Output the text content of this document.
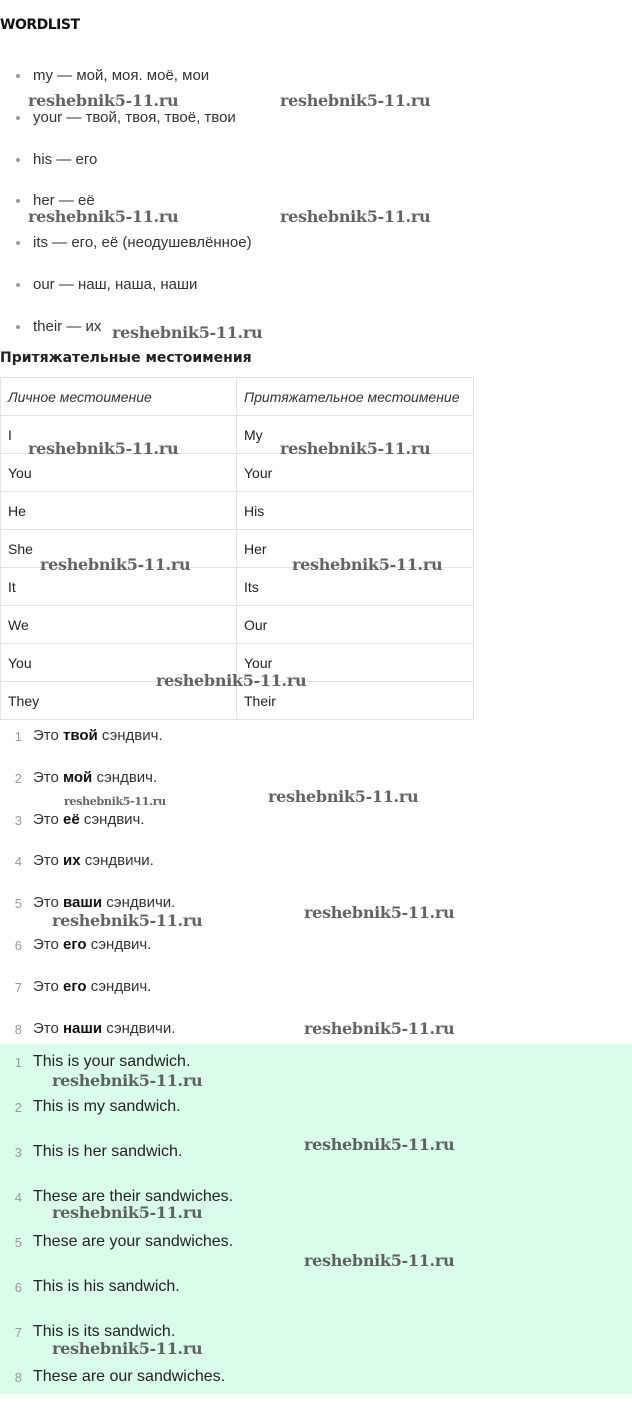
WORDLIST
my — мой, моя. моё, мои
your — твой, твоя, твоё, твои
his — его
her — её
its — его, её (неодушевлённое)
our — наш, наша, наши
their — их
Притяжательные местоимения
Личное местоимение	Притяжательное местоимение
I	My
You	Your
He	His
She	Her
It	Its
We	Our
You	Your
They	Their
1 Это твой сэндвич.
2 Это мой сэндвич.
3 Это её сэндвич.
4 Это их сэндвичи.
5 Это ваши сэндвичи.
6 Это его сэндвич.
7 Это его сэндвич.
8 Это наши сэндвичи.
1 This is your sandwich.
2 This is my sandwich.
3 This is her sandwich.
4 These are their sandwiches.
5 These are your sandwiches.
6 This is his sandwich.
7 This is its sandwich.
8 These are our sandwiches.
reshebnik5-11.ru	reshebnik5-11.ru
reshebnik5-11.ru	reshebnik5-11.ru
reshebnik5-11.ru
reshebnik5-11.ru	reshebnik5-11.ru
reshebnik5-11.ru	reshebnik5-11.ru
reshebnik5-11.ru
reshebnik5-11.ru	reshebnik5-11.ru
reshebnik5-11.ru	reshebnik5-11.ru
reshebnik5-11.ru
reshebnik5-11.ru
reshebnik5-11.ru
reshebnik5-11.ru
reshebnik5-11.ru
reshebnik5-11.ru
